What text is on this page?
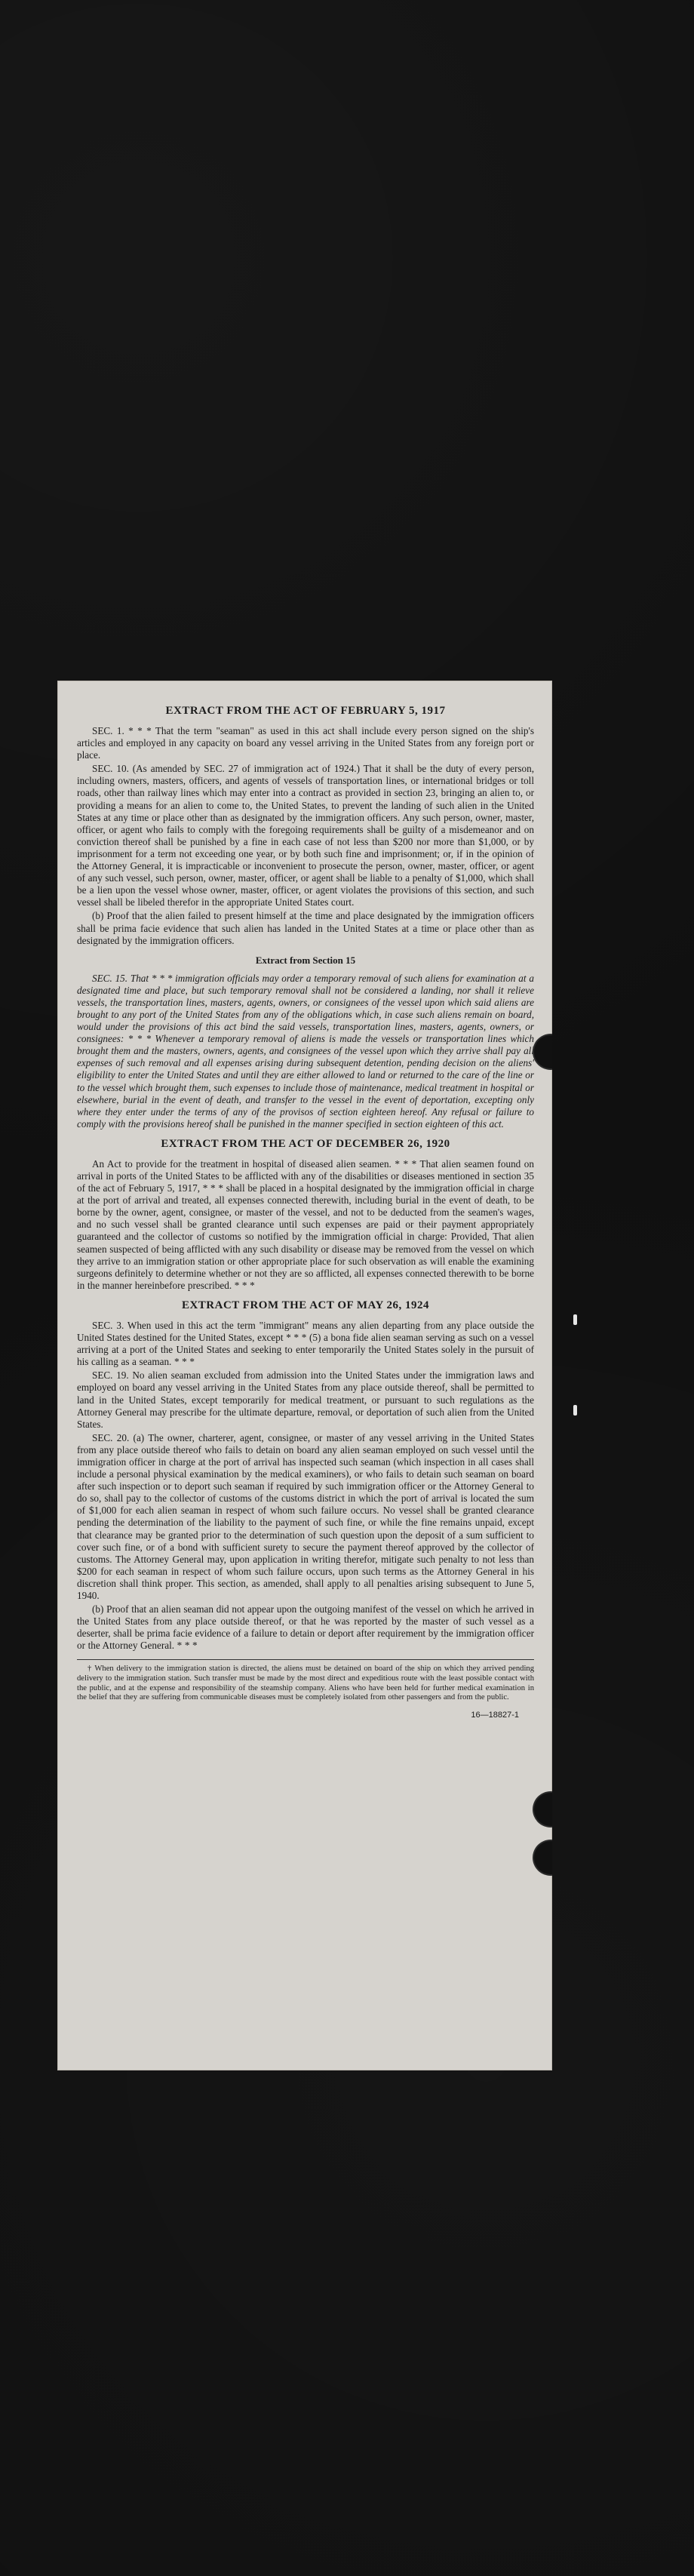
EXTRACT FROM THE ACT OF FEBRUARY 5, 1917

SEC. 1. * * * That the term "seaman" as used in this act shall include every person signed on the ship's articles and employed in any capacity on board any vessel arriving in the United States from any foreign port or place.

SEC. 10. (As amended by SEC. 27 of immigration act of 1924.) That it shall be the duty of every person, including owners, masters, officers, and agents of vessels of transportation lines, or international bridges or toll roads, other than railway lines which may enter into a contract as provided in section 23, bringing an alien to, or providing a means for an alien to come to, the United States, to prevent the landing of such alien in the United States at any time or place other than as designated by the immigration officers. Any such person, owner, master, officer, or agent who fails to comply with the foregoing requirements shall be guilty of a misdemeanor and on conviction thereof shall be punished by a fine in each case of not less than $200 nor more than $1,000, or by imprisonment for a term not exceeding one year, or by both such fine and imprisonment; or, if in the opinion of the Attorney General, it is impracticable or inconvenient to prosecute the person, owner, master, officer, or agent of any such vessel, such person, owner, master, officer, or agent shall be liable to a penalty of $1,000, which shall be a lien upon the vessel whose owner, master, officer, or agent violates the provisions of this section, and such vessel shall be libeled therefor in the appropriate United States court.

(b) Proof that the alien failed to present himself at the time and place designated by the immigration officers shall be prima facie evidence that such alien has landed in the United States at a time or place other than as designated by the immigration officers.

Extract from Section 15

SEC. 15. That * * * immigration officials may order a temporary removal of such aliens for examination at a designated time and place, but such temporary removal shall not be considered a landing, nor shall it relieve vessels, the transportation lines, masters, agents, owners, or consignees of the vessel upon which said aliens are brought to any port of the United States from any of the obligations which, in case such aliens remain on board, would under the provisions of this act bind the said vessels, transportation lines, masters, agents, owners, or consignees: * * * Whenever a temporary removal of aliens is made the vessels or transportation lines which brought them and the masters, owners, agents, and consignees of the vessel upon which they arrive shall pay all expenses of such removal and all expenses arising during subsequent detention, pending decision on the aliens' eligibility to enter the United States and until they are either allowed to land or returned to the care of the line or to the vessel which brought them, such expenses to include those of maintenance, medical treatment in hospital or elsewhere, burial in the event of death, and transfer to the vessel in the event of deportation, excepting only where they enter under the terms of any of the provisos of section eighteen hereof. Any refusal or failure to comply with the provisions hereof shall be punished in the manner specified in section eighteen of this act.

EXTRACT FROM THE ACT OF DECEMBER 26, 1920

An Act to provide for the treatment in hospital of diseased alien seamen. * * * That alien seamen found on arrival in ports of the United States to be afflicted with any of the disabilities or diseases mentioned in section 35 of the act of February 5, 1917, * * * shall be placed in a hospital designated by the immigration official in charge at the port of arrival and treated, all expenses connected therewith, including burial in the event of death, to be borne by the owner, agent, consignee, or master of the vessel, and not to be deducted from the seamen's wages, and no such vessel shall be granted clearance until such expenses are paid or their payment appropriately guaranteed and the collector of customs so notified by the immigration official in charge: Provided, That alien seamen suspected of being afflicted with any such disability or disease may be removed from the vessel on which they arrive to an immigration station or other appropriate place for such observation as will enable the examining surgeons definitely to determine whether or not they are so afflicted, all expenses connected therewith to be borne in the manner hereinbefore prescribed. * * *

EXTRACT FROM THE ACT OF MAY 26, 1924

SEC. 3. When used in this act the term "immigrant" means any alien departing from any place outside the United States destined for the United States, except * * * (5) a bona fide alien seaman serving as such on a vessel arriving at a port of the United States and seeking to enter temporarily the United States solely in the pursuit of his calling as a seaman. * * *

SEC. 19. No alien seaman excluded from admission into the United States under the immigration laws and employed on board any vessel arriving in the United States from any place outside thereof, shall be permitted to land in the United States, except temporarily for medical treatment, or pursuant to such regulations as the Attorney General may prescribe for the ultimate departure, removal, or deportation of such alien from the United States.

SEC. 20. (a) The owner, charterer, agent, consignee, or master of any vessel arriving in the United States from any place outside thereof who fails to detain on board any alien seaman employed on such vessel until the immigration officer in charge at the port of arrival has inspected such seaman (which inspection in all cases shall include a personal physical examination by the medical examiners), or who fails to detain such seaman on board after such inspection or to deport such seaman if required by such immigration officer or the Attorney General to do so, shall pay to the collector of customs of the customs district in which the port of arrival is located the sum of $1,000 for each alien seaman in respect of whom such failure occurs. No vessel shall be granted clearance pending the determination of the liability to the payment of such fine, or while the fine remains unpaid, except that clearance may be granted prior to the determination of such question upon the deposit of a sum sufficient to cover such fine, or of a bond with sufficient surety to secure the payment thereof approved by the collector of customs. The Attorney General may, upon application in writing therefor, mitigate such penalty to not less than $200 for each seaman in respect of whom such failure occurs, upon such terms as the Attorney General in his discretion shall think proper. This section, as amended, shall apply to all penalties arising subsequent to June 5, 1940.

(b) Proof that an alien seaman did not appear upon the outgoing manifest of the vessel on which he arrived in the United States from any place outside thereof, or that he was reported by the master of such vessel as a deserter, shall be prima facie evidence of a failure to detain or deport after requirement by the immigration officer or the Attorney General. * * *

† When delivery to the immigration station is directed, the aliens must be detained on board of the ship on which they arrived pending delivery to the immigration station. Such transfer must be made by the most direct and expeditious route with the least possible contact with the public, and at the expense and responsibility of the steamship company. Aliens who have been held for further medical examination in the belief that they are suffering from communicable diseases must be completely isolated from other passengers and from the public.

16—18827-1
